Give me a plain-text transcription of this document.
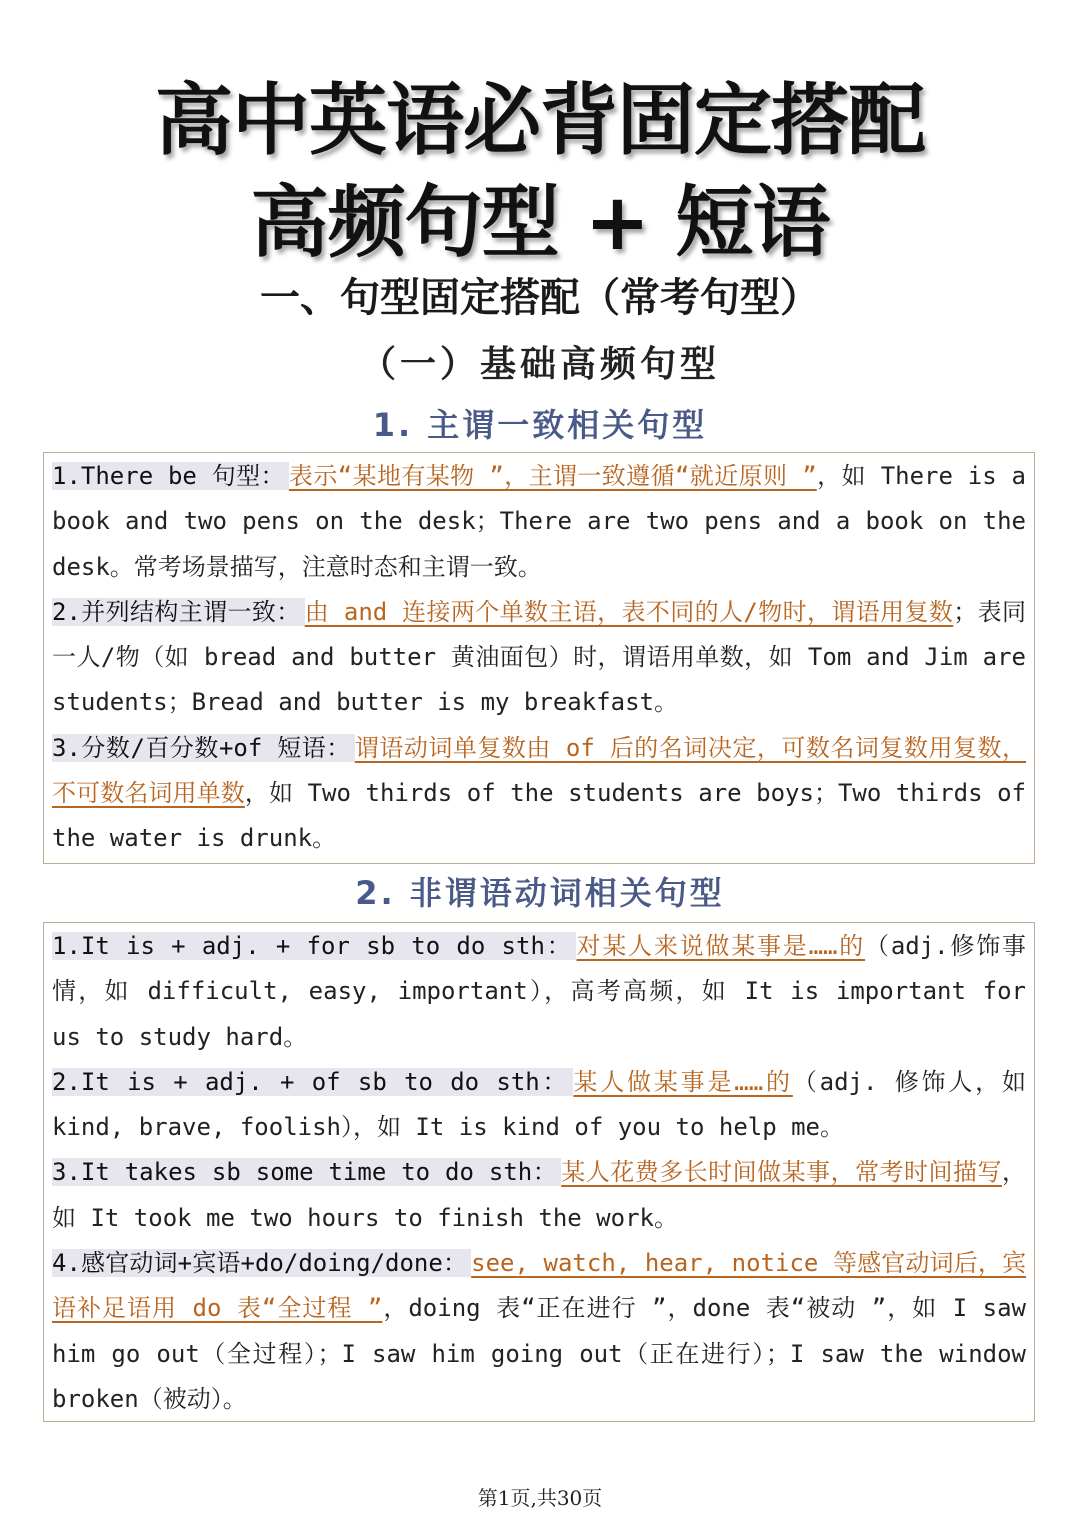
高中英语必背固定搭配
高频句型 + 短语
一、句型固定搭配（常考句型）
（一）基础高频句型
1. 主谓一致相关句型
1.There be 句型： 表示“某地有某物 ”，主谓一致遵循“就近原则 ”，如 There is a book and two pens on the desk；There are two pens and a book on the desk。常考场景描写，注意时态和主谓一致。
2.并列结构主谓一致： 由 and 连接两个单数主语，表不同的人/物时，谓语用复数；表同一人/物（如 bread and butter 黄油面包）时，谓语用单数，如 Tom and Jim are students；Bread and butter is my breakfast。
3.分数/百分数+of 短语： 谓语动词单复数由 of 后的名词决定，可数名词复数用复数，不可数名词用单数，如 Two thirds of the students are boys；Two thirds of the water is drunk。
2. 非谓语动词相关句型
1.It is + adj. + for sb to do sth： 对某人来说做某事是……的（adj.修饰事情，如 difficult, easy, important），高考高频，如 It is important for us to study hard。
2.It is + adj. + of sb to do sth： 某人做某事是……的（adj. 修饰人，如 kind, brave, foolish），如 It is kind of you to help me。
3.It takes sb some time to do sth： 某人花费多长时间做某事，常考时间描写，如 It took me two hours to finish the work。
4.感官动词+宾语+do/doing/done： see, watch, hear, notice 等感官动词后，宾语补足语用 do 表“全过程 ”，doing 表“正在进行 ”，done 表“被动 ”，如 I saw him go out（全过程）；I saw him going out（正在进行）；I saw the window broken（被动）。
第1页,共30页
